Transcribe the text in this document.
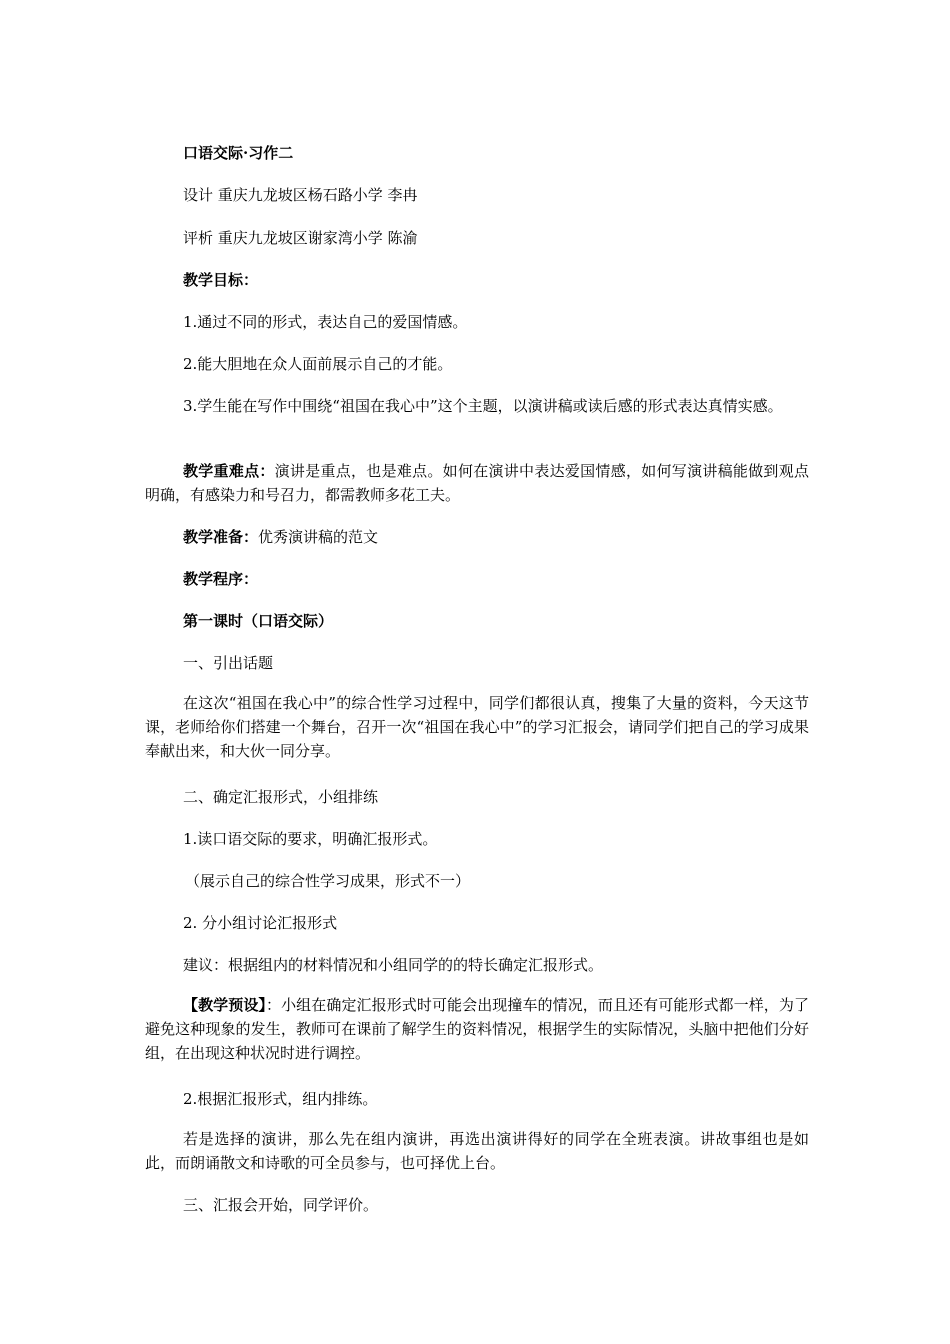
口语交际·习作二
设计 重庆九龙坡区杨石路小学 李冉
评析 重庆九龙坡区谢家湾小学 陈渝
教学目标：
1.通过不同的形式，表达自己的爱国情感。
2.能大胆地在众人面前展示自己的才能。
3.学生能在写作中围绕“祖国在我心中”这个主题，以演讲稿或读后感的形式表达真情实感。
教学重难点：演讲是重点，也是难点。如何在演讲中表达爱国情感，如何写演讲稿能做到观点明确，有感染力和号召力，都需教师多花工夫。
教学准备：优秀演讲稿的范文
教学程序：
第一课时（口语交际）
一、引出话题
在这次“祖国在我心中”的综合性学习过程中，同学们都很认真，搜集了大量的资料，今天这节课，老师给你们搭建一个舞台，召开一次“祖国在我心中”的学习汇报会，请同学们把自己的学习成果奉献出来，和大伙一同分享。
二、确定汇报形式，小组排练
1.读口语交际的要求，明确汇报形式。
（展示自己的综合性学习成果，形式不一）
2. 分小组讨论汇报形式
建议：根据组内的材料情况和小组同学的的特长确定汇报形式。
【教学预设】：小组在确定汇报形式时可能会出现撞车的情况，而且还有可能形式都一样，为了避免这种现象的发生，教师可在课前了解学生的资料情况，根据学生的实际情况，头脑中把他们分好组，在出现这种状况时进行调控。
2.根据汇报形式，组内排练。
若是选择的演讲，那么先在组内演讲，再选出演讲得好的同学在全班表演。讲故事组也是如此，而朗诵散文和诗歌的可全员参与，也可择优上台。
三、汇报会开始，同学评价。
